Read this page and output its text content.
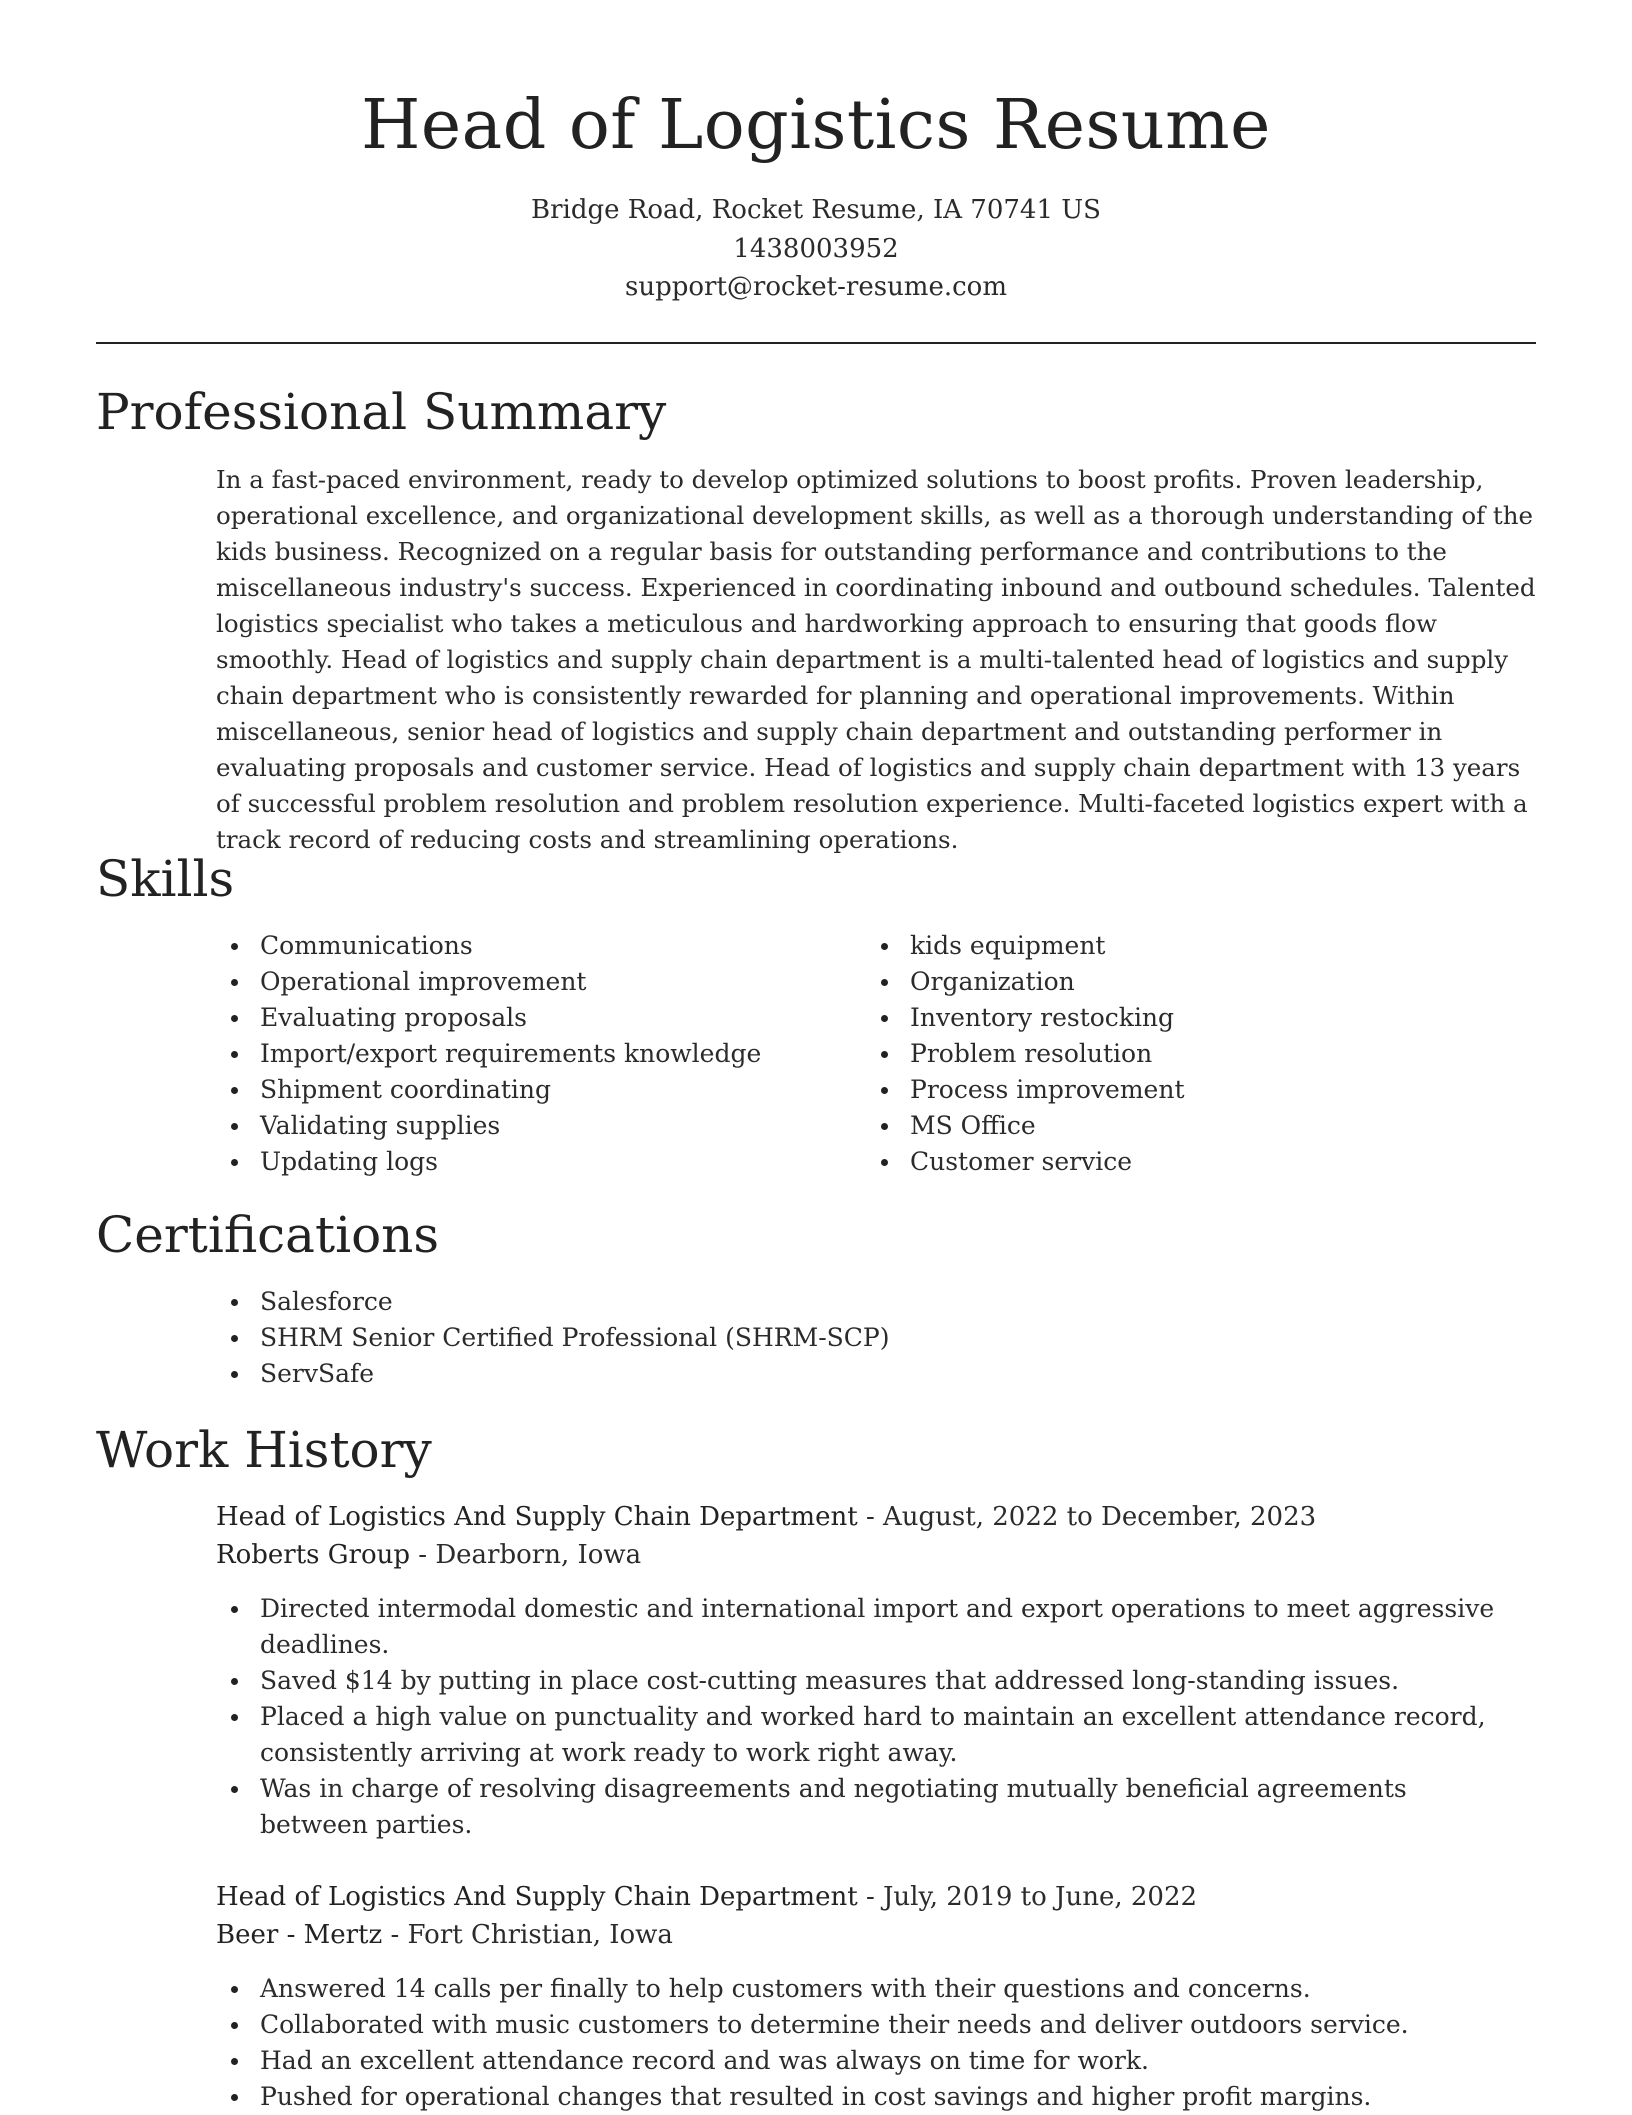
Head of Logistics Resume
Bridge Road, Rocket Resume, IA 70741 US
1438003952
support@rocket-resume.com
Professional Summary

In a fast-paced environment, ready to develop optimized solutions to boost profits. Proven leadership, operational excellence, and organizational development skills, as well as a thorough understanding of the kids business. Recognized on a regular basis for outstanding performance and contributions to the miscellaneous industry's success. Experienced in coordinating inbound and outbound schedules. Talented logistics specialist who takes a meticulous and hardworking approach to ensuring that goods flow smoothly. Head of logistics and supply chain department is a multi-talented head of logistics and supply chain department who is consistently rewarded for planning and operational improvements. Within miscellaneous, senior head of logistics and supply chain department and outstanding performer in evaluating proposals and customer service. Head of logistics and supply chain department with 13 years of successful problem resolution and problem resolution experience. Multi-faceted logistics expert with a track record of reducing costs and streamlining operations.

Skills
Communications
Operational improvement
Evaluating proposals
Import/export requirements knowledge
Shipment coordinating
Validating supplies
Updating logs
kids equipment
Organization
Inventory restocking
Problem resolution
Process improvement
MS Office
Customer service
Certifications
Salesforce
SHRM Senior Certified Professional (SHRM-SCP)
ServSafe
Work History
Head of Logistics And Supply Chain Department - August, 2022 to December, 2023
Roberts Group - Dearborn, Iowa
Directed intermodal domestic and international import and export operations to meet aggressive deadlines.
Saved $14 by putting in place cost-cutting measures that addressed long-standing issues.
Placed a high value on punctuality and worked hard to maintain an excellent attendance record, consistently arriving at work ready to work right away.
Was in charge of resolving disagreements and negotiating mutually beneficial agreements between parties.
Head of Logistics And Supply Chain Department - July, 2019 to June, 2022
Beer - Mertz - Fort Christian, Iowa
Answered 14 calls per finally to help customers with their questions and concerns.
Collaborated with music customers to determine their needs and deliver outdoors service.
Had an excellent attendance record and was always on time for work.
Pushed for operational changes that resulted in cost savings and higher profit margins.
